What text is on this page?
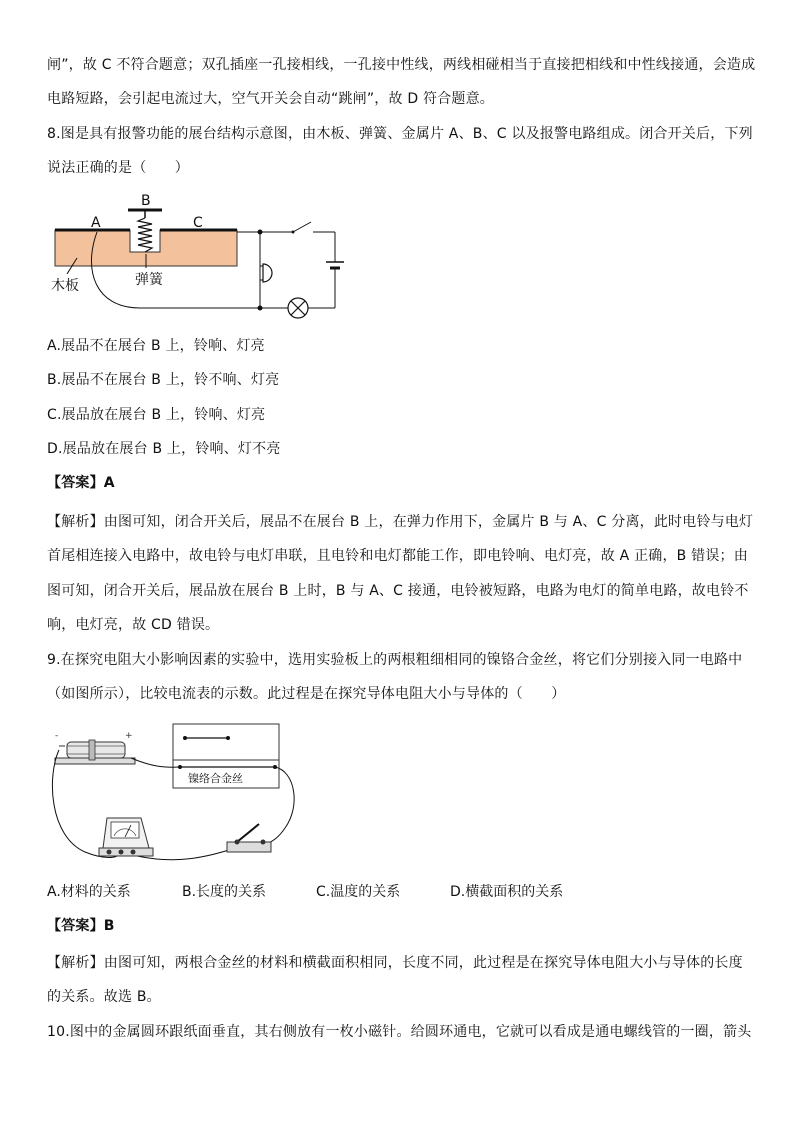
闸”，故 C 不符合题意；双孔插座一孔接相线，一孔接中性线，两线相碰相当于直接把相线和中性线接通，会造成
电路短路，会引起电流过大，空气开关会自动“跳闸”，故 D 符合题意。
8.图是具有报警功能的展台结构示意图，由木板、弹簧、金属片 A、B、C 以及报警电路组成。闭合开关后，下列
说法正确的是（　　）
A
B
C
木板	弹簧
A.展品不在展台 B 上，铃响、灯亮
B.展品不在展台 B 上，铃不响、灯亮
C.展品放在展台 B 上，铃响、灯亮
D.展品放在展台 B 上，铃响、灯不亮
【答案】A
【解析】由图可知，闭合开关后，展品不在展台 B 上，在弹力作用下，金属片 B 与 A、C 分离，此时电铃与电灯
首尾相连接入电路中，故电铃与电灯串联，且电铃和电灯都能工作，即电铃响、电灯亮，故 A 正确，B 错误；由
图可知，闭合开关后，展品放在展台 B 上时，B 与 A、C 接通，电铃被短路，电路为电灯的简单电路，故电铃不
响，电灯亮，故 CD 错误。
9.在探究电阻大小影响因素的实验中，选用实验板上的两根粗细相同的镍铬合金丝，将它们分别接入同一电路中
（如图所示），比较电流表的示数。此过程是在探究导体电阻大小与导体的（　　）
-	+
镍络合金丝
A.材料的关系	B.长度的关系	C.温度的关系	D.横截面积的关系
【答案】B
【解析】由图可知，两根合金丝的材料和横截面积相同，长度不同，此过程是在探究导体电阻大小与导体的长度
的关系。故选 B。
10.图中的金属圆环跟纸面垂直，其右侧放有一枚小磁针。给圆环通电，它就可以看成是通电螺线管的一圈，箭头
